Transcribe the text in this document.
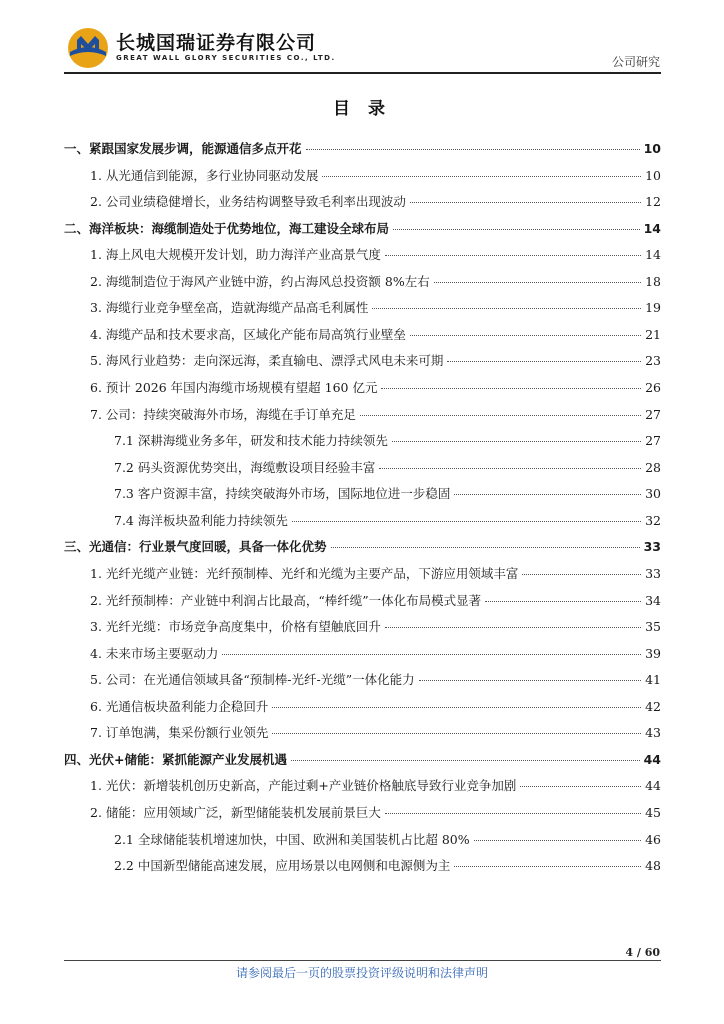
长城国瑞证券有限公司
GREAT WALL GLORY SECURITIES CO., LTD.	公司研究
目 录
一、紧跟国家发展步调，能源通信多点开花	10
1. 从光通信到能源，多行业协同驱动发展	10
2. 公司业绩稳健增长，业务结构调整导致毛利率出现波动	12
二、海洋板块：海缆制造处于优势地位，海工建设全球布局	14
1. 海上风电大规模开发计划，助力海洋产业高景气度	14
2. 海缆制造位于海风产业链中游，约占海风总投资额 8%左右	18
3. 海缆行业竞争壁垒高，造就海缆产品高毛利属性	19
4. 海缆产品和技术要求高，区域化产能布局高筑行业壁垒	21
5. 海风行业趋势：走向深远海，柔直输电、漂浮式风电未来可期	23
6. 预计 2026 年国内海缆市场规模有望超 160 亿元	26
7. 公司：持续突破海外市场，海缆在手订单充足	27
7.1 深耕海缆业务多年，研发和技术能力持续领先	27
7.2 码头资源优势突出，海缆敷设项目经验丰富	28
7.3 客户资源丰富，持续突破海外市场，国际地位进一步稳固	30
7.4 海洋板块盈利能力持续领先	32
三、光通信：行业景气度回暖，具备一体化优势	33
1. 光纤光缆产业链：光纤预制棒、光纤和光缆为主要产品，下游应用领域丰富	33
2. 光纤预制棒：产业链中利润占比最高，“棒纤缆”一体化布局模式显著	34
3. 光纤光缆：市场竞争高度集中，价格有望触底回升	35
4. 未来市场主要驱动力	39
5. 公司：在光通信领域具备“预制棒-光纤-光缆”一体化能力	41
6. 光通信板块盈利能力企稳回升	42
7. 订单饱满，集采份额行业领先	43
四、光伏+储能：紧抓能源产业发展机遇	44
1. 光伏：新增装机创历史新高，产能过剩+产业链价格触底导致行业竞争加剧	44
2. 储能：应用领域广泛，新型储能装机发展前景巨大	45
2.1 全球储能装机增速加快，中国、欧洲和美国装机占比超 80%	46
2.2 中国新型储能高速发展，应用场景以电网侧和电源侧为主	48
4 / 60
请参阅最后一页的股票投资评级说明和法律声明
